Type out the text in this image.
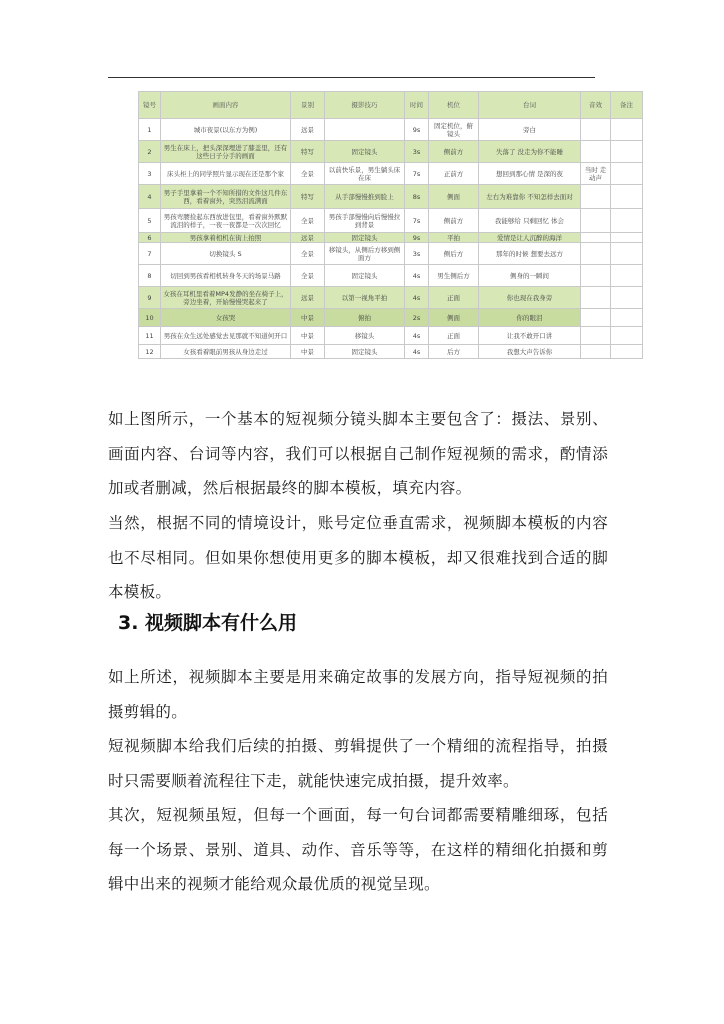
镜号	画面内容	景别	摄影技巧	时间	机位	台词	音效	备注
1	城市夜景(以东方为例)	远景		9s	固定机位，俯镜头	旁白		
2	男生在床上，把头深深埋进了膝盖里，还有这些日子分手的画面	特写	固定镜头	3s	侧前方	失落了 没走为你不能睡		
3	床头柜上的同学照片显示现在还是那个家	全景	以前快乐景，男生躺头床在床	7s	正前方	想回到那心情 是深的夜	当时 走动声	
4	男子手里拿着一个不知所措的文件这几件东西，看着窗外，突然泪流满面	特写	从手部慢慢推到脸上	8s	侧面	左右为难靠你 不知怎样去面对		
5	男孩弯腰捡起东西放进包里，看着窗外默默流泪的样子，一夜一夜都是一次次回忆	全景	男孩手部慢慢向后慢慢拉到背景	7s	侧前方	我能够给 只剩回忆 体会		
6	男孩拿着相机在街上拍照	远景	固定镜头	9s	平拍	爱情是让人沉醉的海洋		
7	切换镜头 S	全景	移镜头，从侧后方移到侧面方	3s	侧后方	那年的时候 想要去远方		
8	切回到男孩看相机转身冬天的场景马路	全景	固定镜头	4s	男生侧后方	侧身的一瞬间		
9	女孩在耳机里看着MP4发静的坐在椅子上，旁边坐着，开始慢慢哭起来了	远景	以第一视角平拍	4s	正面	你也现在我身旁		
10	女孩哭	中景	俯拍	2s	侧面	你的眼泪		
11	男孩在众生远处感觉去见那就不知道何开口	中景	移镜头	4s	正面	让我不敢开口讲		
12	女孩看着眼前男孩从身边走过	中景	固定镜头	4s	后方	我想大声告诉你		

如上图所示，一个基本的短视频分镜头脚本主要包含了：摄法、景别、画面内容、台词等内容，我们可以根据自己制作短视频的需求，酌情添加或者删减，然后根据最终的脚本模板，填充内容。

当然，根据不同的情境设计，账号定位垂直需求，视频脚本模板的内容也不尽相同。但如果你想使用更多的脚本模板，却又很难找到合适的脚本模板。

3. 视频脚本有什么用

如上所述，视频脚本主要是用来确定故事的发展方向，指导短视频的拍摄剪辑的。

短视频脚本给我们后续的拍摄、剪辑提供了一个精细的流程指导，拍摄时只需要顺着流程往下走，就能快速完成拍摄，提升效率。

其次，短视频虽短，但每一个画面，每一句台词都需要精雕细琢，包括每一个场景、景别、道具、动作、音乐等等，在这样的精细化拍摄和剪辑中出来的视频才能给观众最优质的视觉呈现。
